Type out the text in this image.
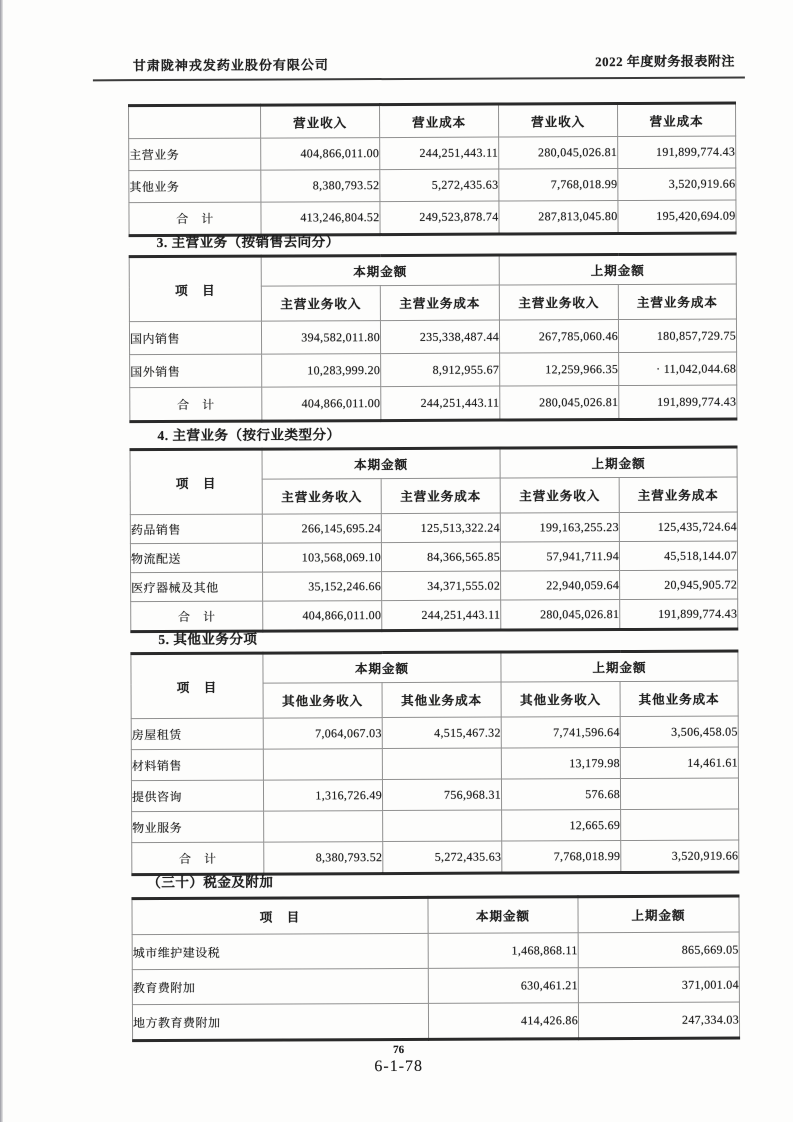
甘肃陇神戎发药业股份有限公司	2022 年度财务报表附注
	营业收入	营业成本	营业收入	营业成本
主营业务	404,866,011.00	244,251,443.11	280,045,026.81	191,899,774.43
其他业务	8,380,793.52	5,272,435.63	7,768,018.99	3,520,919.66
合　计	413,246,804.52	249,523,878.74	287,813,045.80	195,420,694.09
3. 主营业务（按销售去向分）
项　目	本期金额		上期金额	
	主营业务收入	主营业务成本	主营业务收入	主营业务成本
国内销售	394,582,011.80	235,338,487.44	267,785,060.46	180,857,729.75
国外销售	10,283,999.20	8,912,955.67	12,259,966.35	· 11,042,044.68
合　计	404,866,011.00	244,251,443.11	280,045,026.81	191,899,774.43
4. 主营业务（按行业类型分）
项　目	本期金额		上期金额	
	主营业务收入	主营业务成本	主营业务收入	主营业务成本
药品销售	266,145,695.24	125,513,322.24	199,163,255.23	125,435,724.64
物流配送	103,568,069.10	84,366,565.85	57,941,711.94	45,518,144.07
医疗器械及其他	35,152,246.66	34,371,555.02	22,940,059.64	20,945,905.72
合　计	404,866,011.00	244,251,443.11	280,045,026.81	191,899,774.43
5. 其他业务分项
项　目	本期金额		上期金额	
	其他业务收入	其他业务成本	其他业务收入	其他业务成本
房屋租赁	7,064,067.03	4,515,467.32	7,741,596.64	3,506,458.05
材料销售			13,179.98	14,461.61
提供咨询	1,316,726.49	756,968.31	576.68	
物业服务			12,665.69	
合　计	8,380,793.52	5,272,435.63	7,768,018.99	3,520,919.66
（三十）税金及附加
项　目	本期金额	上期金额
城市维护建设税	1,468,868.11	865,669.05
教育费附加	630,461.21	371,001.04
地方教育费附加	414,426.86	247,334.03
76
6-1-78
